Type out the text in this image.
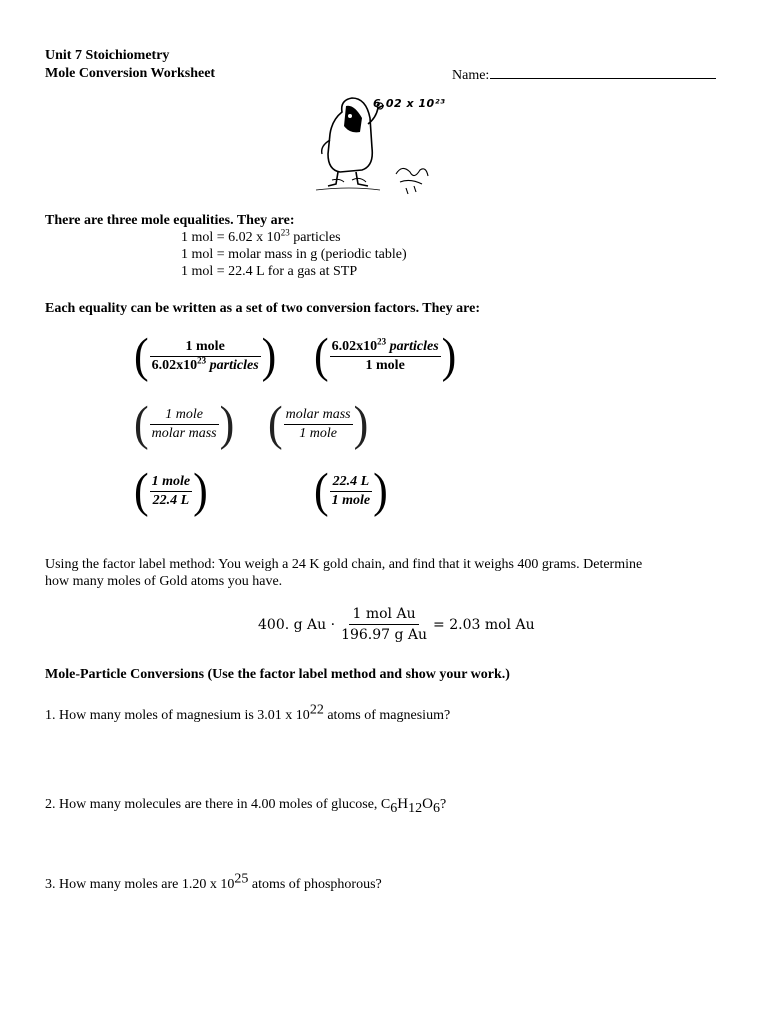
Unit 7 Stoichiometry
Mole Conversion Worksheet	Name:
6.02 x 10²³
There are three mole equalities. They are:
1 mol = 6.02 x $10^{23}$ particles
1 mol = molar mass in g (periodic table)
1 mol = 22.4 L for a gas at STP
Each equality can be written as a set of two conversion factors. They are:
(	1 mole
$6.02x10^{23}$ particles ) ( $6.02x10^{23}$ particles
1 mole )
( 1 mole
molar mass ) ( molar mass
1 mole )
( 1 mole
22.4 L ) ( 22.4 L
1 mole )
Using the factor label method: You weigh a 24 K gold chain, and find that it weighs 400 grams. Determine
how many moles of Gold atoms you have.
400. g Au ·
1 mol Au
196.97 g Au
= 2.03 mol Au
Mole-Particle Conversions (Use the factor label method and show your work.)
1. How many moles of magnesium is 3.01 x 1022 atoms of magnesium?
2. How many molecules are there in 4.00 moles of glucose, C6H12O6?
3. How many moles are 1.20 x 1025 atoms of phosphorous?
